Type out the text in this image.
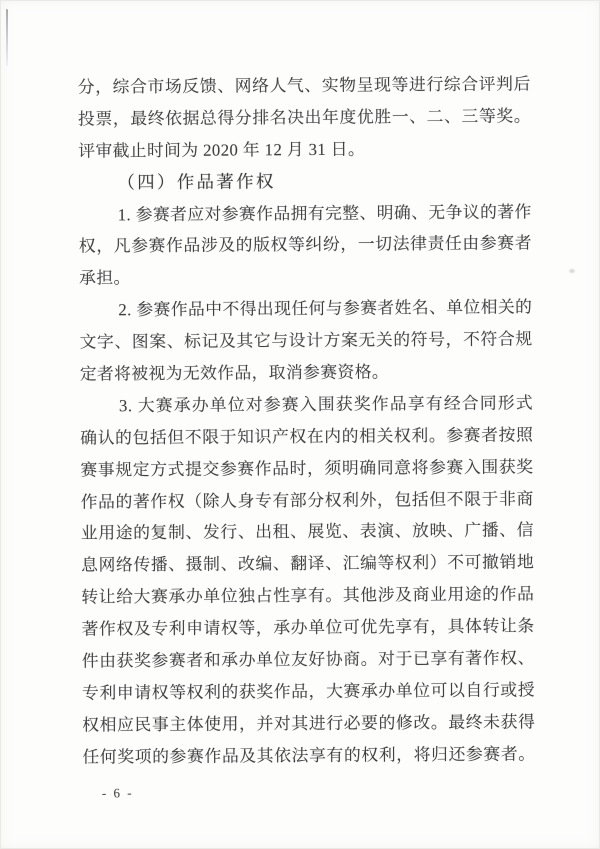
分，综合市场反馈、网络人气、实物呈现等进行综合评判后
投票，最终依据总得分排名决出年度优胜一、二、三等奖。
评审截止时间为 2020 年 12 月 31 日。
（四）作品著作权
1. 参赛者应对参赛作品拥有完整、明确、无争议的著作
权，凡参赛作品涉及的版权等纠纷，一切法律责任由参赛者
承担。
2. 参赛作品中不得出现任何与参赛者姓名、单位相关的
文字、图案、标记及其它与设计方案无关的符号，不符合规
定者将被视为无效作品，取消参赛资格。
3. 大赛承办单位对参赛入围获奖作品享有经合同形式
确认的包括但不限于知识产权在内的相关权利。参赛者按照
赛事规定方式提交参赛作品时，须明确同意将参赛入围获奖
作品的著作权（除人身专有部分权利外，包括但不限于非商
业用途的复制、发行、出租、展览、表演、放映、广播、信
息网络传播、摄制、改编、翻译、汇编等权利）不可撤销地
转让给大赛承办单位独占性享有。其他涉及商业用途的作品
著作权及专利申请权等，承办单位可优先享有，具体转让条
件由获奖参赛者和承办单位友好协商。对于已享有著作权、
专利申请权等权利的获奖作品，大赛承办单位可以自行或授
权相应民事主体使用，并对其进行必要的修改。最终未获得
任何奖项的参赛作品及其依法享有的权利，将归还参赛者。
- 6 -
